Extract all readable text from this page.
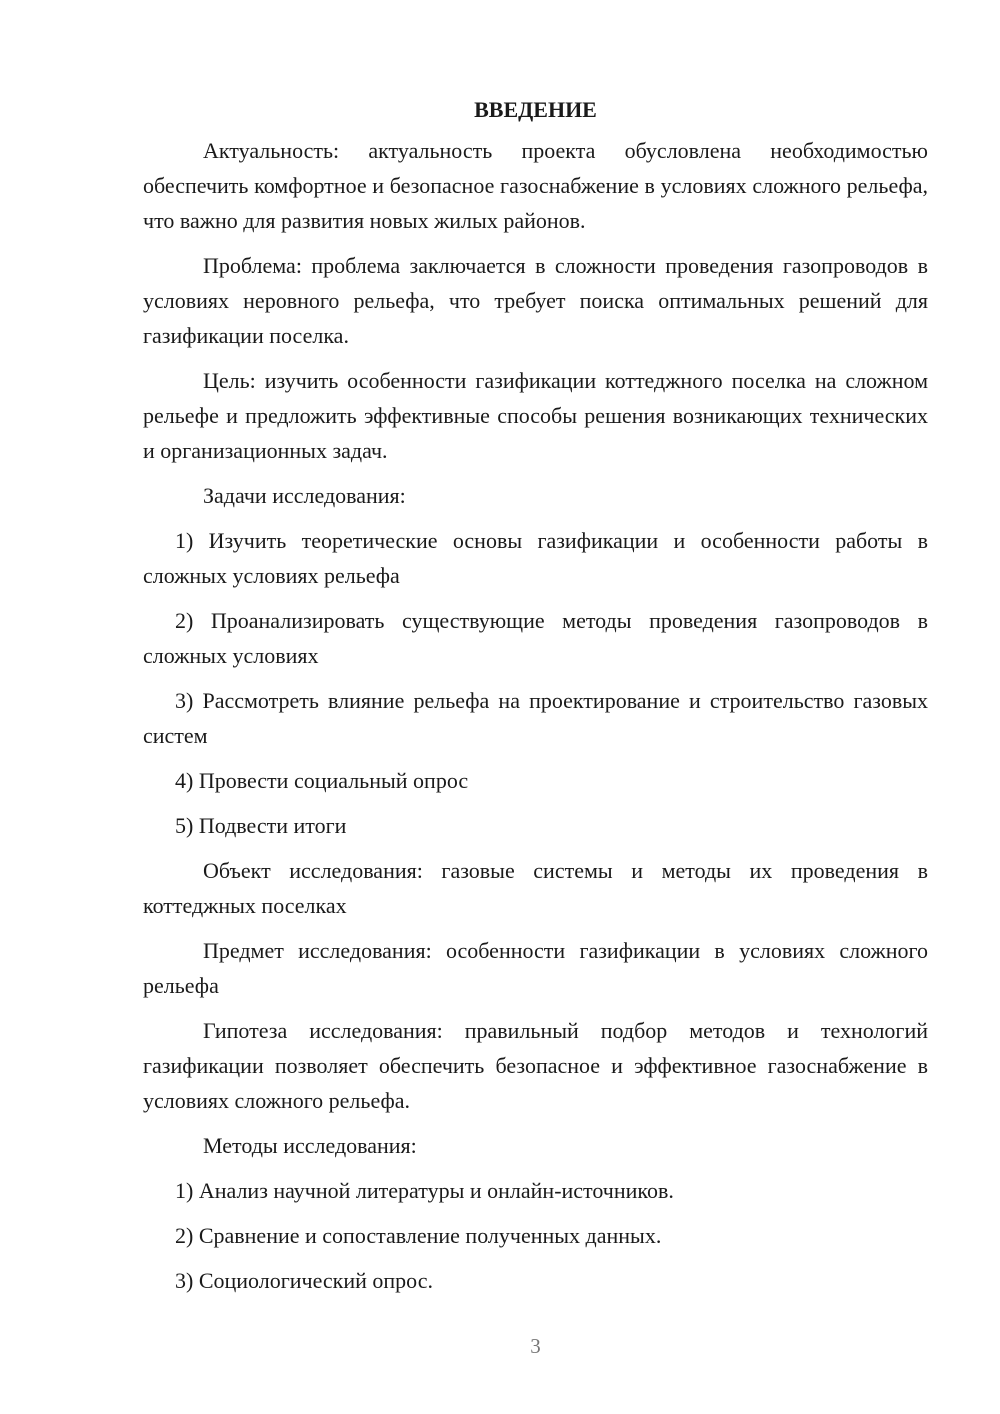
ВВЕДЕНИЕ

Актуальность: актуальность проекта обусловлена необходимостью обеспечить комфортное и безопасное газоснабжение в условиях сложного рельефа, что важно для развития новых жилых районов.

Проблема: проблема заключается в сложности проведения газопроводов в условиях неровного рельефа, что требует поиска оптимальных решений для газификации поселка.

Цель: изучить особенности газификации коттеджного поселка на сложном рельефе и предложить эффективные способы решения возникающих технических и организационных задач.

Задачи исследования:

1) Изучить теоретические основы газификации и особенности работы в сложных условиях рельефа

2) Проанализировать существующие методы проведения газопроводов в сложных условиях

3) Рассмотреть влияние рельефа на проектирование и строительство газовых систем

4) Провести социальный опрос

5) Подвести итоги

Объект исследования: газовые системы и методы их проведения в коттеджных поселках

Предмет исследования: особенности газификации в условиях сложного рельефа

Гипотеза исследования: правильный подбор методов и технологий газификации позволяет обеспечить безопасное и эффективное газоснабжение в условиях сложного рельефа.

Методы исследования:

1) Анализ научной литературы и онлайн-источников.

2) Сравнение и сопоставление полученных данных.

3) Социологический опрос.

3
